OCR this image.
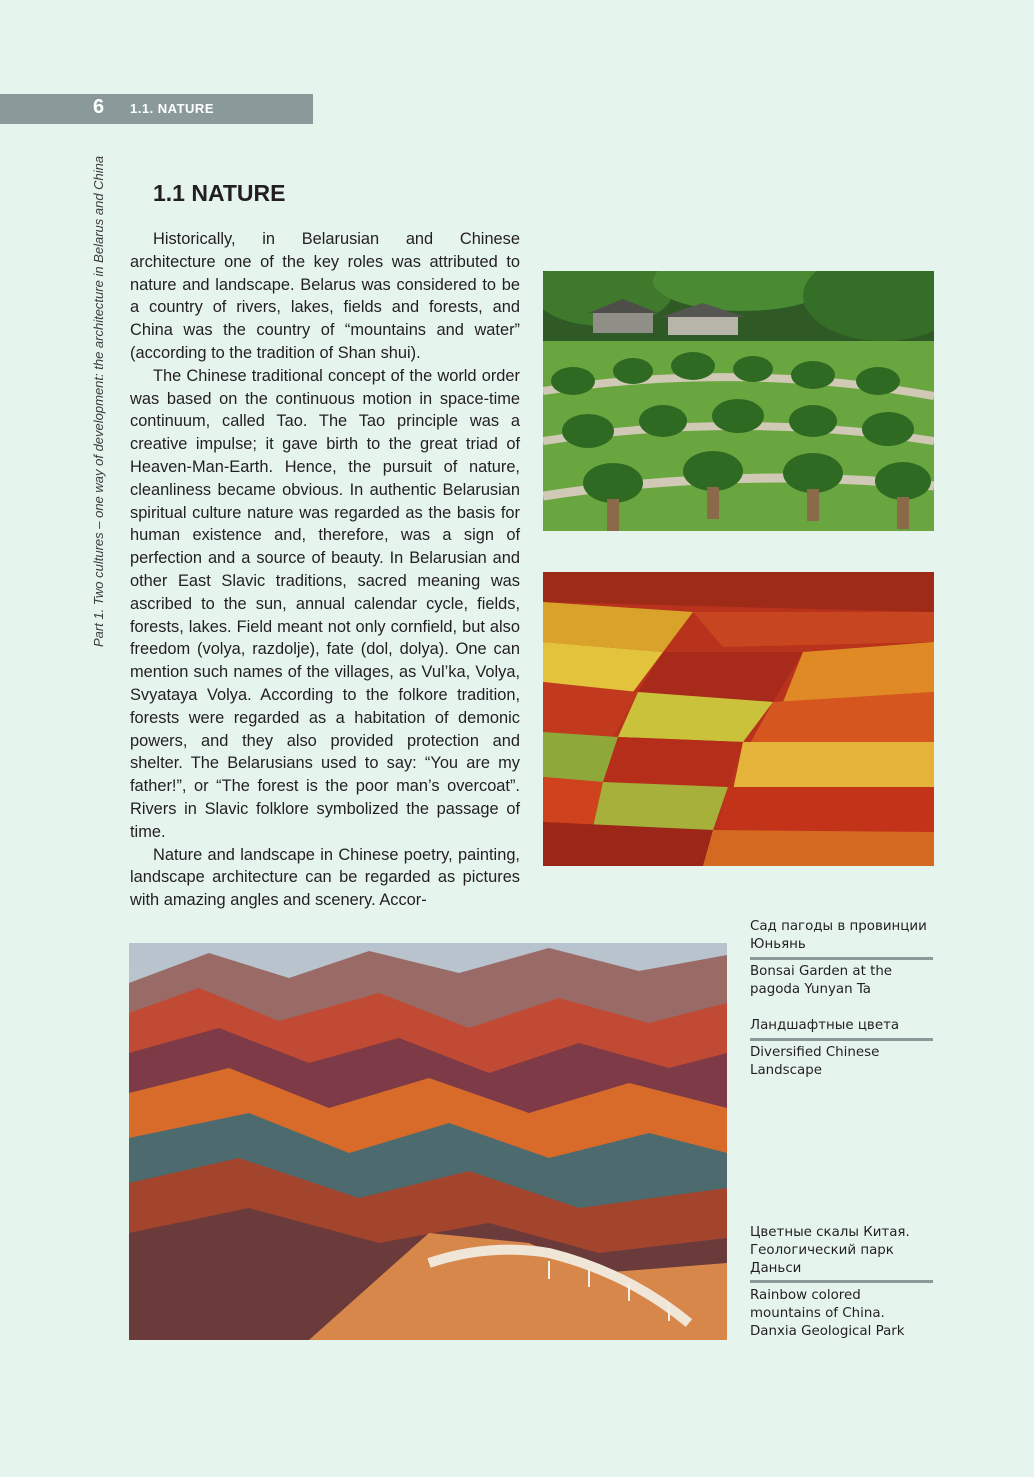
6 1.1. NATURE
Part 1. Two cultures – one way of development: the architecture in Belarus and China 1.1 NATURE

Historically, in Belarusian and Chinese architecture one of the key roles was attributed to nature and landscape. Belarus was considered to be a country of rivers, lakes, fields and forests, and China was the country of “mountains and water” (according to the tradition of Shan shui).

The Chinese traditional concept of the world order was based on the continuous motion in space-time continuum, called Tao. The Tao principle was a creative impulse; it gave birth to the great triad of Heaven-Man-Earth. Hence, the pursuit of nature, cleanliness became obvious. In authentic Belarusian spiritual culture nature was regarded as the basis for human existence and, therefore, was a sign of perfection and a source of beauty. In Belarusian and other East Slavic traditions, sacred meaning was ascribed to the sun, annual calendar cycle, fields, forests, lakes. Field meant not only cornfield, but also freedom (volya, razdolje), fate (dol, dolya). One can mention such names of the villages, as Vul’ka, Volya, Svyataya Volya. According to the folkore tradition, forests were regarded as a habitation of demonic powers, and they also provided protection and shelter. The Belarusians used to say: “You are my father!”, or “The forest is the poor man’s overcoat”. Rivers in Slavic folklore symbolized the passage of time.

Nature and landscape in Chinese poetry, painting, landscape architecture can be regarded as pictures with amazing angles and scenery. Accor-

Сад пагоды в провинции Юньянь
Bonsai Garden at the pagoda Yunyan Ta
Ландшафтные цвета
Diversified Chinese Landscape
Цветные скалы Китая. Геологический парк Даньси
Rainbow colored mountains of China. Danxia Geological Park
